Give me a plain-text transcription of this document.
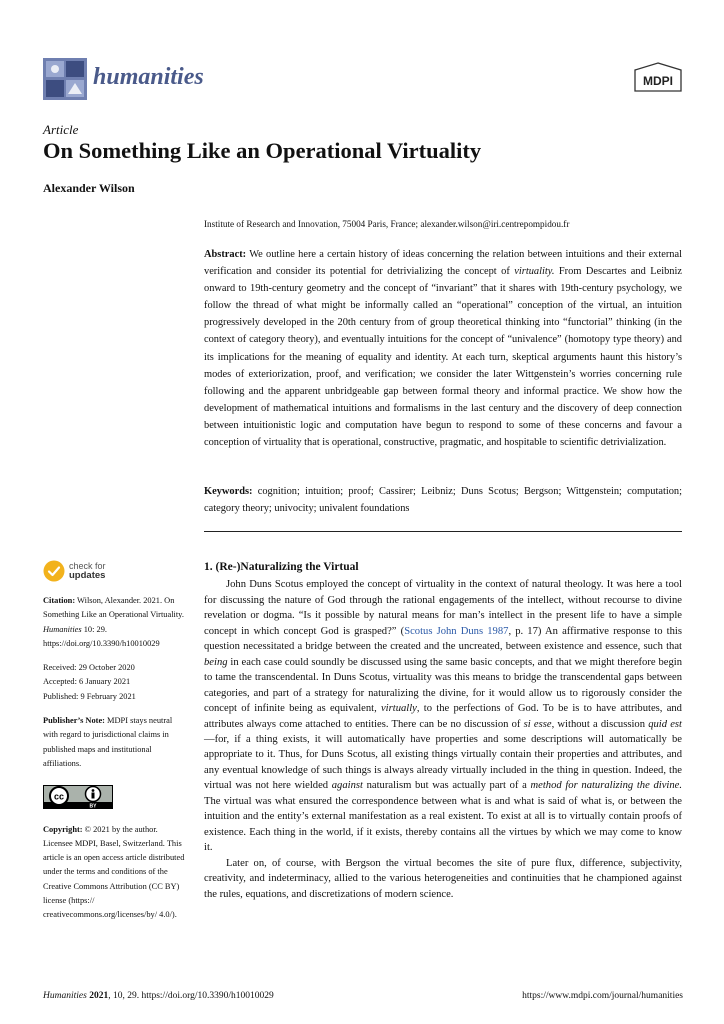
humanities	MDPI
Article
On Something Like an Operational Virtuality
Alexander Wilson
Institute of Research and Innovation, 75004 Paris, France; alexander.wilson@iri.centrepompidou.fr
Abstract: We outline here a certain history of ideas concerning the relation between intuitions and their external verification and consider its potential for detrivializing the concept of virtuality. From Descartes and Leibniz onward to 19th-century geometry and the concept of “invariant” that it shares with 19th-century psychology, we follow the thread of what might be informally called an “operational” conception of the virtual, an intuition progressively developed in the 20th century from of group theoretical thinking into “functorial” thinking (in the context of category theory), and eventually intuitions for the concept of “univalence” (homotopy type theory) and its implications for the meaning of equality and identity. At each turn, skeptical arguments haunt this history’s modes of exteriorization, proof, and verification; we consider the later Wittgenstein’s worries concerning rule following and the apparent unbridgeable gap between formal theory and informal practice. We show how the development of mathematical intuitions and formalisms in the last century and the discovery of deep connection between intuitionistic logic and computation have begun to respond to some of these concerns and favour a conception of virtuality that is operational, constructive, pragmatic, and hospitable to scientific detrivialization.
Keywords: cognition; intuition; proof; Cassirer; Leibniz; Duns Scotus; Bergson; Wittgenstein; computation; category theory; univocity; univalent foundations
check for
updates
Citation: Wilson, Alexander. 2021. On Something Like an Operational Virtuality. Humanities 10: 29. https://doi.org/10.3390/h10010029

Received: 29 October 2020

Accepted: 6 January 2021

Published: 9 February 2021

Publisher’s Note: MDPI stays neutral with regard to jurisdictional claims in published maps and institutional affiliations.
cc
BY
Copyright: © 2021 by the author. Licensee MDPI, Basel, Switzerland. This article is an open access article distributed under the terms and conditions of the Creative Commons Attribution (CC BY) license (https:// creativecommons.org/licenses/by/ 4.0/).
1. (Re-)Naturalizing the Virtual

John Duns Scotus employed the concept of virtuality in the context of natural theology. It was here a tool for discussing the nature of God through the rational engagements of the intellect, without recourse to divine revelation or dogma. “Is it possible by natural means for man’s intellect in the present life to have a simple concept in which concept God is grasped?” (Scotus John Duns 1987, p. 17) An affirmative response to this question necessitated a bridge between the created and the uncreated, between existence and essence, such that being in each case could soundly be discussed using the same basic concepts, and that we might therefore begin to tame the transcendental. In Duns Scotus, virtuality was this means to bridge the transcendental gaps between categories, and part of a strategy for naturalizing the divine, for it would allow us to rigorously consider the concept of infinite being as equivalent, virtually, to the perfections of God. To be is to have attributes, and attributes always come attached to entities. There can be no discussion of si esse, without a discussion quid est—for, if a thing exists, it will automatically have properties and some descriptions will automatically be appropriate to it. Thus, for Duns Scotus, all existing things virtually contain their properties and attributes, and any eventual knowledge of such things is always already virtually included in the thing in question. Indeed, the virtual was not here wielded against naturalism but was actually part of a method for naturalizing the divine. The virtual was what ensured the correspondence between what is and what is said of what is, or between the intuition and the entity’s external manifestation as a real existent. To exist at all is to virtually contain proofs of existence. Each thing in the world, if it exists, thereby contains all the virtues by which we may come to know it.

Later on, of course, with Bergson the virtual becomes the site of pure flux, difference, subjectivity, creativity, and indeterminacy, allied to the various heterogeneities and continuities that he championed against the rules, equations, and discretizations of modern science.

Humanities 2021, 10, 29. https://doi.org/10.3390/h10010029	https://www.mdpi.com/journal/humanities
